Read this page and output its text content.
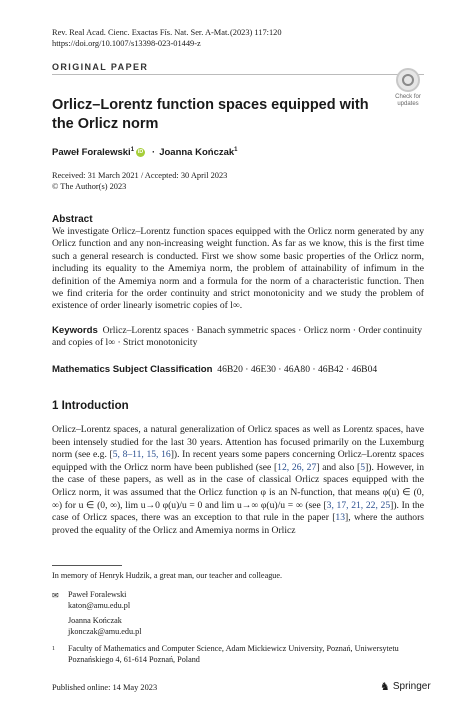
Rev. Real Acad. Cienc. Exactas Fís. Nat. Ser. A-Mat. (2023) 117:120
https://doi.org/10.1007/s13398-023-01449-z
ORIGINAL PAPER
Check for
updates
Orlicz–Lorentz function spaces equipped with the Orlicz norm
Paweł Foralewski$^1$ iD · Joanna Kończak$^1$
Received: 31 March 2021 / Accepted: 30 April 2023
© The Author(s) 2023
Abstract
We investigate Orlicz–Lorentz function spaces equipped with the Orlicz norm generated by any Orlicz function and any non-increasing weight function. As far as we know, this is the first time such a general research is conducted. First we show some basic properties of the Orlicz norm, including its equality to the Amemiya norm, the problem of attainability of infimum in the definition of the Amemiya norm and a formula for the norm of a characteristic function. Then we find criteria for the order continuity and strict monotonicity and we study the problem of existence of order linearly isometric copies of l∞.
Keywords Orlicz–Lorentz spaces · Banach symmetric spaces · Orlicz norm · Order continuity and copies of l∞ · Strict monotonicity
Mathematics Subject Classification 46B20 · 46E30 · 46A80 · 46B42 · 46B04
1 Introduction
Orlicz–Lorentz spaces, a natural generalization of Orlicz spaces as well as Lorentz spaces, have been intensely studied for the last 30 years. Attention has focused primarily on the Luxemburg norm (see e.g. [5, 8–11, 15, 16]). In recent years some papers concerning Orlicz–Lorentz spaces equipped with the Orlicz norm have been published (see [12, 26, 27] and also [5]). However, in the case of these papers, as well as in the case of classical Orlicz spaces equipped with the Orlicz norm, it was assumed that the Orlicz function φ is an N-function, that means φ(u) ∈ (0, ∞) for u ∈ (0, ∞), lim u→0 φ(u)/u = 0 and lim u→∞ φ(u)/u = ∞ (see [3, 17, 21, 22, 25]). In the case of Orlicz spaces, there was an exception to that rule in the paper [13], where the authors proved the equality of the Orlicz and Amemiya norms in Orlicz
In memory of Henryk Hudzik, a great man, our teacher and colleague.
✉ Paweł Foralewski
katon@amu.edu.pl
Joanna Kończak
jkonczak@amu.edu.pl
1 Faculty of Mathematics and Computer Science, Adam Mickiewicz University, Poznań, Uniwersytetu
Poznańskiego 4, 61-614 Poznań, Poland
Published online: 14 May 2023	♞ Springer
